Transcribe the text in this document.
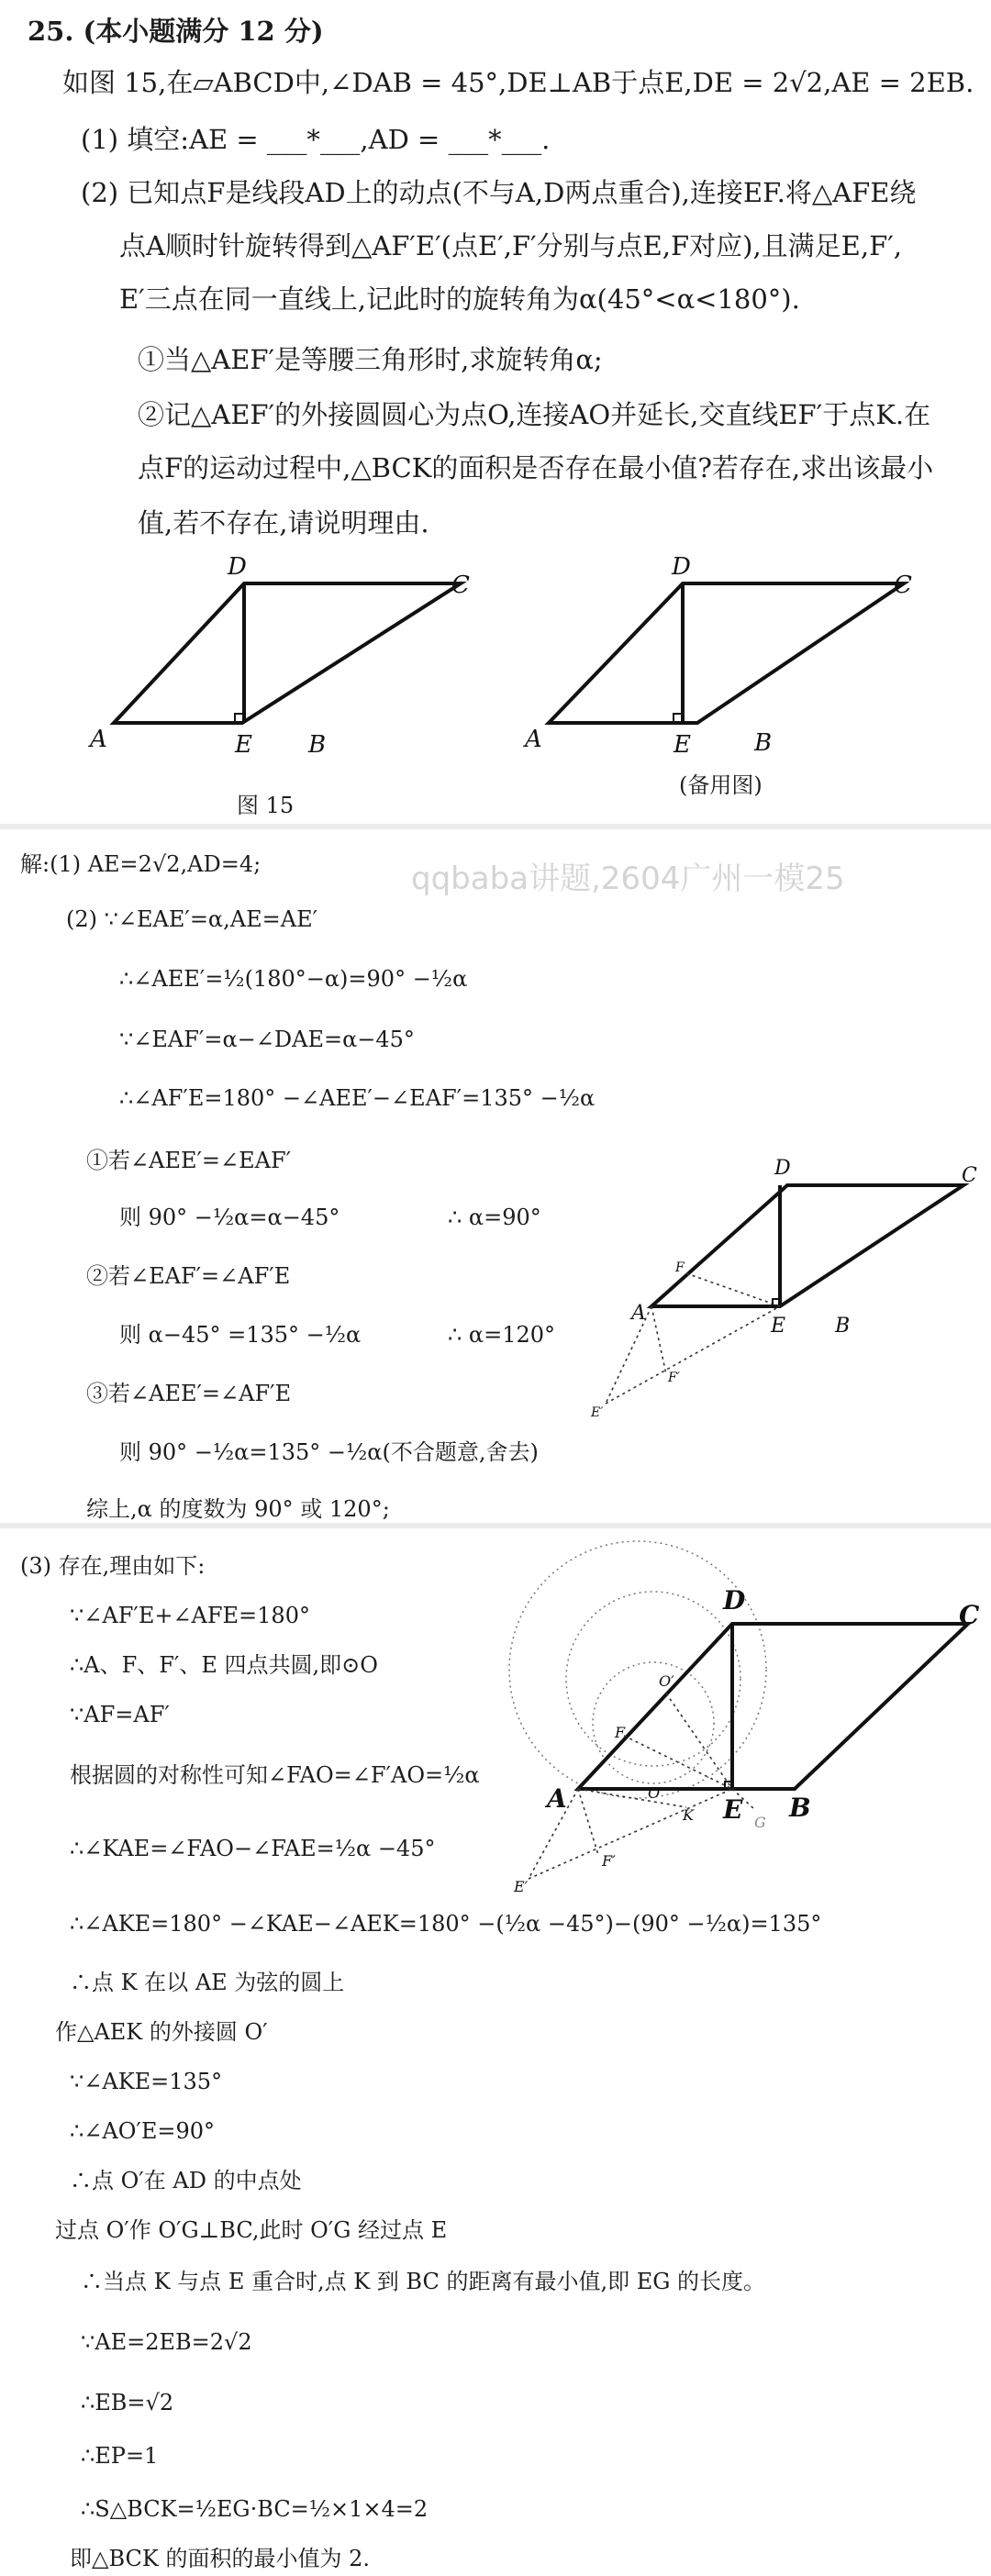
25. (本小题满分 12 分)
如图 15,在▱ABCD中,∠DAB = 45°,DE⊥AB于点E,DE = 2√2,AE = 2EB.
(1) 填空:AE = ___*___,AD = ___*___.
(2) 已知点F是线段AD上的动点(不与A,D两点重合),连接EF.将△AFE绕
点A顺时针旋转得到△AF′E′(点E′,F′分别与点E,F对应),且满足E,F′,
E′三点在同一直线上,记此时的旋转角为α(45°<α<180°).
①当△AEF′是等腰三角形时,求旋转角α;
②记△AEF′的外接圆圆心为点O,连接AO并延长,交直线EF′于点K.在
点F的运动过程中,△BCK的面积是否存在最小值?若存在,求出该最小
值,若不存在,请说明理由.
D
C
A	E B
图 15
D
C
A	E	B
(备用图)
解:(1) AE=2√2,AD=4;	qqbaba讲题,2604广州一模25
(2) ∵∠EAE′=α,AE=AE′
∴∠AEE′=½(180°−α)=90° −½α
∵∠EAF′=α−∠DAE=α−45°
∴∠AF′E=180° −∠AEE′−∠EAF′=135° −½α
①若∠AEE′=∠EAF′
则 90° −½α=α−45°	∴ α=90°
②若∠EAF′=∠AF′E
则 α−45° =135° −½α	∴ α=120°
③若∠AEE′=∠AF′E
则 90° −½α=135° −½α(不合题意,舍去)
综上,α 的度数为 90° 或 120°;
D	C
A
E B
F
F′
E′
(3) 存在,理由如下:
∵∠AF′E+∠AFE=180°
∴A、F、F′、E 四点共圆,即⊙O
∵AF=AF′
根据圆的对称性可知∠FAO=∠F′AO=½α
∴∠KAE=∠FAO−∠FAE=½α −45°
∴∠AKE=180° −∠KAE−∠AEK=180° −(½α −45°)−(90° −½α)=135°
∴点 K 在以 AE 为弦的圆上
作△AEK 的外接圆 O′
∵∠AKE=135°
∴∠AO′E=90°
∴点 O′在 AD 的中点处
过点 O′作 O′G⊥BC,此时 O′G 经过点 E
∴当点 K 与点 E 重合时,点 K 到 BC 的距离有最小值,即 EG 的长度。
∵AE=2EB=2√2
∴EB=√2
∴EP=1
∴S△BCK=½EG·BC=½×1×4=2
即△BCK 的面积的最小值为 2.
D	C
A	E B
F
F′
E′
O
O′
K	G
